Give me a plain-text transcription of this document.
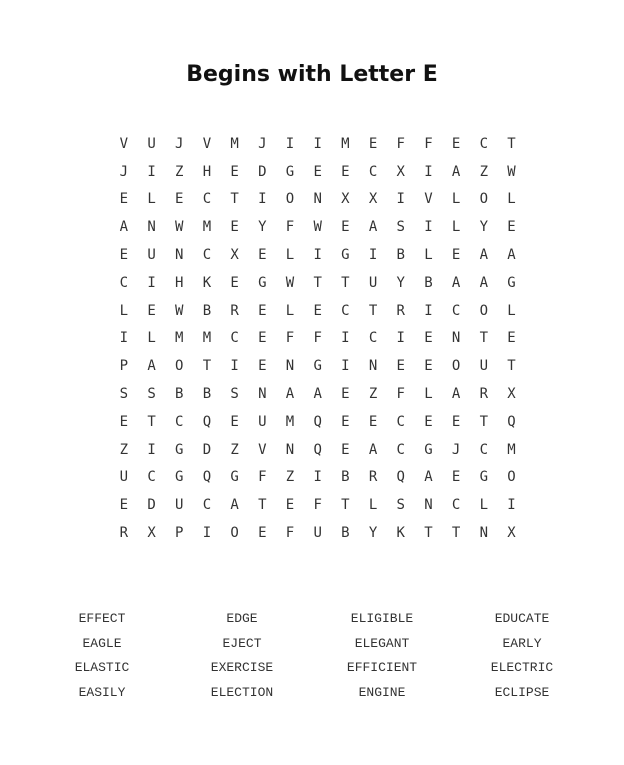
Begins with Letter E
V	U	J	V	M	J	I	I	M	E	F	F	E	C	T
J	I	Z	H	E	D	G	E	E	C	X	I	A	Z	W
E	L	E	C	T	I	O	N	X	X	I	V	L	O	L
A	N	W	M	E	Y	F	W	E	A	S	I	L	Y	E
E	U	N	C	X	E	L	I	G	I	B	L	E	A	A
C	I	H	K	E	G	W	T	T	U	Y	B	A	A	G
L	E	W	B	R	E	L	E	C	T	R	I	C	O	L
I	L	M	M	C	E	F	F	I	C	I	E	N	T	E
P	A	O	T	I	E	N	G	I	N	E	E	O	U	T
S	S	B	B	S	N	A	A	E	Z	F	L	A	R	X
E	T	C	Q	E	U	M	Q	E	E	C	E	E	T	Q
Z	I	G	D	Z	V	N	Q	E	A	C	G	J	C	M
U	C	G	Q	G	F	Z	I	B	R	Q	A	E	G	O
E	D	U	C	A	T	E	F	T	L	S	N	C	L	I
R	X	P	I	O	E	F	U	B	Y	K	T	T	N	X
EFFECT	EDGE	ELIGIBLE	EDUCATE
EAGLE	EJECT	ELEGANT	EARLY
ELASTIC	EXERCISE	EFFICIENT	ELECTRIC
EASILY	ELECTION	ENGINE	ECLIPSE
